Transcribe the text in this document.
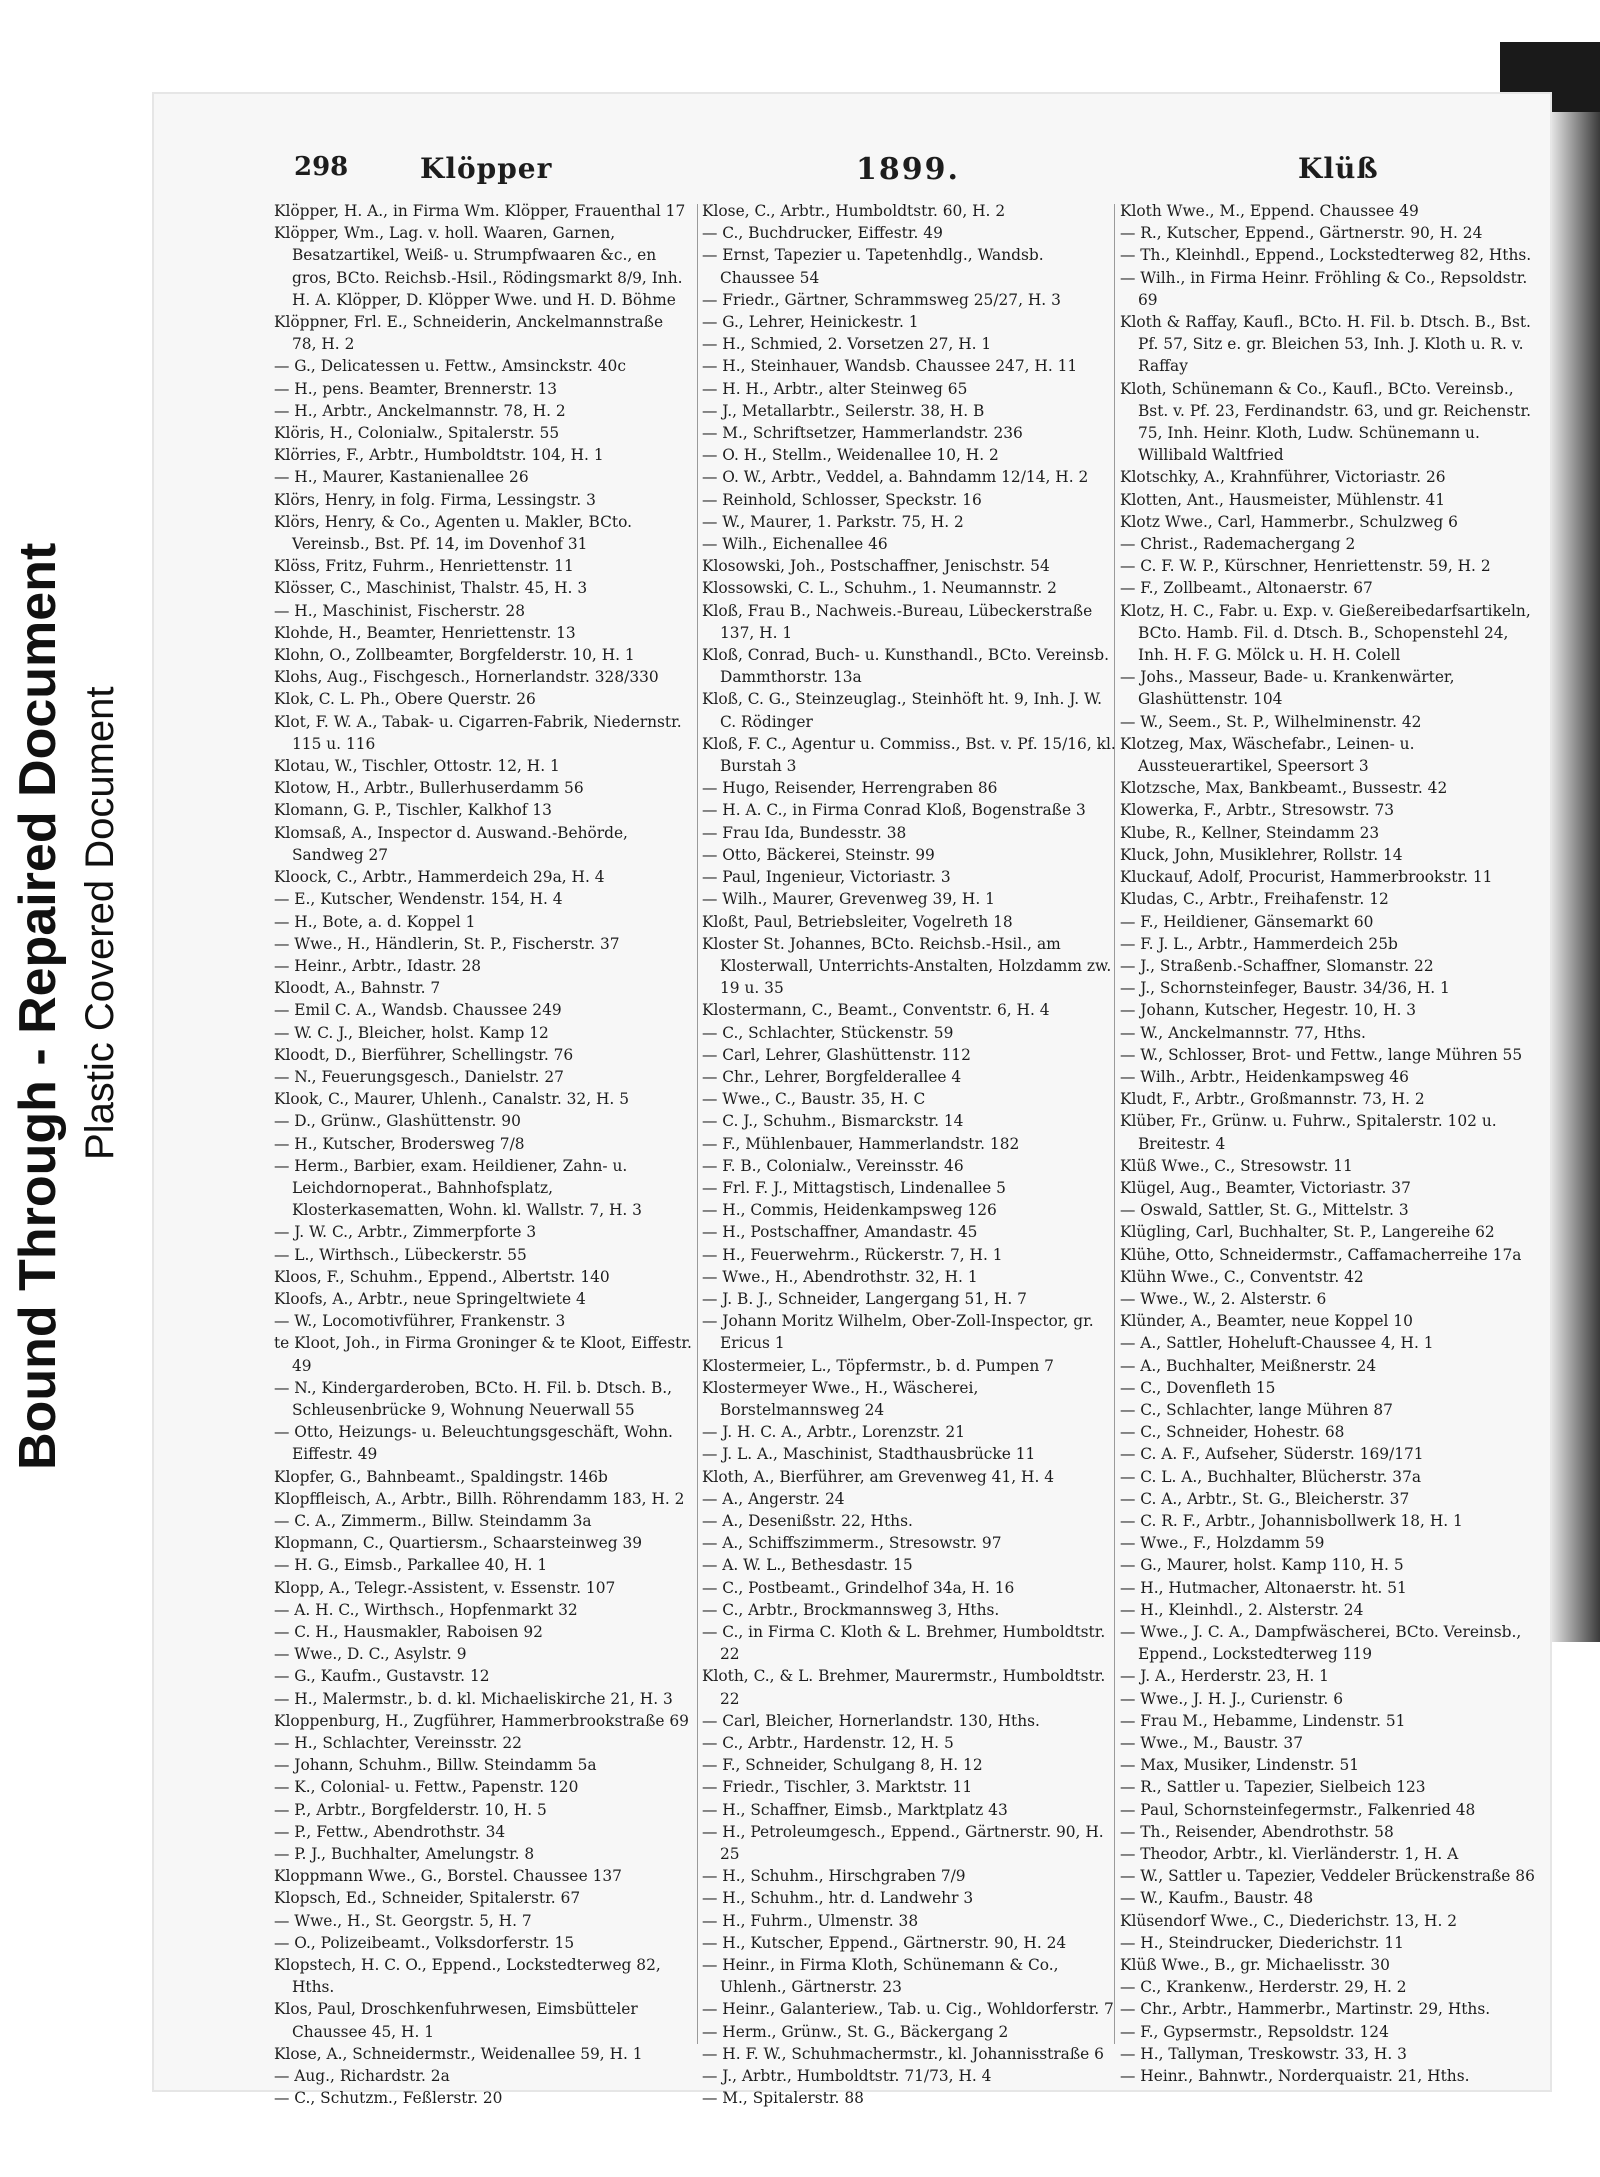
Bound Through - Repaired Document Plastic Covered Document
298	Klöpper	1899.	Klüß

Klöpper, H. A., in Firma Wm. Klöpper, Frauenthal 17

Klöpper, Wm., Lag. v. holl. Waaren, Garnen, Besatzartikel, Weiß- u. Strumpfwaaren &c., en gros, BCto. Reichsb.-Hsil., Rödingsmarkt 8/9, Inh. H. A. Klöpper, D. Klöpper Wwe. und H. D. Böhme

Klöppner, Frl. E., Schneiderin, Anckelmannstraße 78, H. 2

— G., Delicatessen u. Fettw., Amsinckstr. 40c

— H., pens. Beamter, Brennerstr. 13

— H., Arbtr., Anckelmannstr. 78, H. 2

Klöris, H., Colonialw., Spitalerstr. 55

Klörries, F., Arbtr., Humboldtstr. 104, H. 1

— H., Maurer, Kastanienallee 26

Klörs, Henry, in folg. Firma, Lessingstr. 3

Klörs, Henry, & Co., Agenten u. Makler, BCto. Vereinsb., Bst. Pf. 14, im Dovenhof 31

Klöss, Fritz, Fuhrm., Henriettenstr. 11

Klösser, C., Maschinist, Thalstr. 45, H. 3

— H., Maschinist, Fischerstr. 28

Klohde, H., Beamter, Henriettenstr. 13

Klohn, O., Zollbeamter, Borgfelderstr. 10, H. 1

Klohs, Aug., Fischgesch., Hornerlandstr. 328/330

Klok, C. L. Ph., Obere Querstr. 26

Klot, F. W. A., Tabak- u. Cigarren-Fabrik, Niedernstr. 115 u. 116

Klotau, W., Tischler, Ottostr. 12, H. 1

Klotow, H., Arbtr., Bullerhuserdamm 56

Klomann, G. P., Tischler, Kalkhof 13

Klomsaß, A., Inspector d. Auswand.-Behörde, Sandweg 27

Kloock, C., Arbtr., Hammerdeich 29a, H. 4

— E., Kutscher, Wendenstr. 154, H. 4

— H., Bote, a. d. Koppel 1

— Wwe., H., Händlerin, St. P., Fischerstr. 37

— Heinr., Arbtr., Idastr. 28

Kloodt, A., Bahnstr. 7

— Emil C. A., Wandsb. Chaussee 249

— W. C. J., Bleicher, holst. Kamp 12

Kloodt, D., Bierführer, Schellingstr. 76

— N., Feuerungsgesch., Danielstr. 27

Klook, C., Maurer, Uhlenh., Canalstr. 32, H. 5

— D., Grünw., Glashüttenstr. 90

— H., Kutscher, Brodersweg 7/8

— Herm., Barbier, exam. Heildiener, Zahn- u. Leichdornoperat., Bahnhofsplatz, Klosterkasematten, Wohn. kl. Wallstr. 7, H. 3

— J. W. C., Arbtr., Zimmerpforte 3

— L., Wirthsch., Lübeckerstr. 55

Kloos, F., Schuhm., Eppend., Albertstr. 140

Kloofs, A., Arbtr., neue Springeltwiete 4

— W., Locomotivführer, Frankenstr. 3

te Kloot, Joh., in Firma Groninger & te Kloot, Eiffestr. 49

— N., Kindergarderoben, BCto. H. Fil. b. Dtsch. B., Schleusenbrücke 9, Wohnung Neuerwall 55

— Otto, Heizungs- u. Beleuchtungsgeschäft, Wohn. Eiffestr. 49

Klopfer, G., Bahnbeamt., Spaldingstr. 146b

Klopffleisch, A., Arbtr., Billh. Röhrendamm 183, H. 2

— C. A., Zimmerm., Billw. Steindamm 3a

Klopmann, C., Quartiersm., Schaarsteinweg 39

— H. G., Eimsb., Parkallee 40, H. 1

Klopp, A., Telegr.-Assistent, v. Essenstr. 107

— A. H. C., Wirthsch., Hopfenmarkt 32

— C. H., Hausmakler, Raboisen 92

— Wwe., D. C., Asylstr. 9

— G., Kaufm., Gustavstr. 12

— H., Malermstr., b. d. kl. Michaeliskirche 21, H. 3

Kloppenburg, H., Zugführer, Hammerbrookstraße 69

— H., Schlachter, Vereinsstr. 22

— Johann, Schuhm., Billw. Steindamm 5a

— K., Colonial- u. Fettw., Papenstr. 120

— P., Arbtr., Borgfelderstr. 10, H. 5

— P., Fettw., Abendrothstr. 34

— P. J., Buchhalter, Amelungstr. 8

Kloppmann Wwe., G., Borstel. Chaussee 137

Klopsch, Ed., Schneider, Spitalerstr. 67

— Wwe., H., St. Georgstr. 5, H. 7

— O., Polizeibeamt., Volksdorferstr. 15

Klopstech, H. C. O., Eppend., Lockstedterweg 82, Hths.

Klos, Paul, Droschkenfuhrwesen, Eimsbütteler Chaussee 45, H. 1

Klose, A., Schneidermstr., Weidenallee 59, H. 1

— Aug., Richardstr. 2a

— C., Schutzm., Feßlerstr. 20

Klose, C., Arbtr., Humboldtstr. 60, H. 2

— C., Buchdrucker, Eiffestr. 49

— Ernst, Tapezier u. Tapetenhdlg., Wandsb. Chaussee 54

— Friedr., Gärtner, Schrammsweg 25/27, H. 3

— G., Lehrer, Heinickestr. 1

— H., Schmied, 2. Vorsetzen 27, H. 1

— H., Steinhauer, Wandsb. Chaussee 247, H. 11

— H. H., Arbtr., alter Steinweg 65

— J., Metallarbtr., Seilerstr. 38, H. B

— M., Schriftsetzer, Hammerlandstr. 236

— O. H., Stellm., Weidenallee 10, H. 2

— O. W., Arbtr., Veddel, a. Bahndamm 12/14, H. 2

— Reinhold, Schlosser, Speckstr. 16

— W., Maurer, 1. Parkstr. 75, H. 2

— Wilh., Eichenallee 46

Klosowski, Joh., Postschaffner, Jenischstr. 54

Klossowski, C. L., Schuhm., 1. Neumannstr. 2

Kloß, Frau B., Nachweis.-Bureau, Lübeckerstraße 137, H. 1

Kloß, Conrad, Buch- u. Kunsthandl., BCto. Vereinsb. Dammthorstr. 13a

Kloß, C. G., Steinzeuglag., Steinhöft ht. 9, Inh. J. W. C. Rödinger

Kloß, F. C., Agentur u. Commiss., Bst. v. Pf. 15/16, kl. Burstah 3

— Hugo, Reisender, Herrengraben 86

— H. A. C., in Firma Conrad Kloß, Bogenstraße 3

— Frau Ida, Bundesstr. 38

— Otto, Bäckerei, Steinstr. 99

— Paul, Ingenieur, Victoriastr. 3

— Wilh., Maurer, Grevenweg 39, H. 1

Kloßt, Paul, Betriebsleiter, Vogelreth 18

Kloster St. Johannes, BCto. Reichsb.-Hsil., am Klosterwall, Unterrichts-Anstalten, Holzdamm zw. 19 u. 35

Klostermann, C., Beamt., Conventstr. 6, H. 4

— C., Schlachter, Stückenstr. 59

— Carl, Lehrer, Glashüttenstr. 112

— Chr., Lehrer, Borgfelderallee 4

— Wwe., C., Baustr. 35, H. C

— C. J., Schuhm., Bismarckstr. 14

— F., Mühlenbauer, Hammerlandstr. 182

— F. B., Colonialw., Vereinsstr. 46

— Frl. F. J., Mittagstisch, Lindenallee 5

— H., Commis, Heidenkampsweg 126

— H., Postschaffner, Amandastr. 45

— H., Feuerwehrm., Rückerstr. 7, H. 1

— Wwe., H., Abendrothstr. 32, H. 1

— J. B. J., Schneider, Langergang 51, H. 7

— Johann Moritz Wilhelm, Ober-Zoll-Inspector, gr. Ericus 1

Klostermeier, L., Töpfermstr., b. d. Pumpen 7

Klostermeyer Wwe., H., Wäscherei, Borstelmannsweg 24

— J. H. C. A., Arbtr., Lorenzstr. 21

— J. L. A., Maschinist, Stadthausbrücke 11

Kloth, A., Bierführer, am Grevenweg 41, H. 4

— A., Angerstr. 24

— A., Desenißstr. 22, Hths.

— A., Schiffszimmerm., Stresowstr. 97

— A. W. L., Bethesdastr. 15

— C., Postbeamt., Grindelhof 34a, H. 16

— C., Arbtr., Brockmannsweg 3, Hths.

— C., in Firma C. Kloth & L. Brehmer, Humboldtstr. 22

Kloth, C., & L. Brehmer, Maurermstr., Humboldtstr. 22

— Carl, Bleicher, Hornerlandstr. 130, Hths.

— C., Arbtr., Hardenstr. 12, H. 5

— F., Schneider, Schulgang 8, H. 12

— Friedr., Tischler, 3. Marktstr. 11

— H., Schaffner, Eimsb., Marktplatz 43

— H., Petroleumgesch., Eppend., Gärtnerstr. 90, H. 25

— H., Schuhm., Hirschgraben 7/9

— H., Schuhm., htr. d. Landwehr 3

— H., Fuhrm., Ulmenstr. 38

— H., Kutscher, Eppend., Gärtnerstr. 90, H. 24

— Heinr., in Firma Kloth, Schünemann & Co., Uhlenh., Gärtnerstr. 23

— Heinr., Galanteriew., Tab. u. Cig., Wohldorferstr. 7

— Herm., Grünw., St. G., Bäckergang 2

— H. F. W., Schuhmachermstr., kl. Johannisstraße 6

— J., Arbtr., Humboldtstr. 71/73, H. 4

— M., Spitalerstr. 88

Kloth Wwe., M., Eppend. Chaussee 49

— R., Kutscher, Eppend., Gärtnerstr. 90, H. 24

— Th., Kleinhdl., Eppend., Lockstedterweg 82, Hths.

— Wilh., in Firma Heinr. Fröhling & Co., Repsoldstr. 69

Kloth & Raffay, Kaufl., BCto. H. Fil. b. Dtsch. B., Bst. Pf. 57, Sitz e. gr. Bleichen 53, Inh. J. Kloth u. R. v. Raffay

Kloth, Schünemann & Co., Kaufl., BCto. Vereinsb., Bst. v. Pf. 23, Ferdinandstr. 63, und gr. Reichenstr. 75, Inh. Heinr. Kloth, Ludw. Schünemann u. Willibald Waltfried

Klotschky, A., Krahnführer, Victoriastr. 26

Klotten, Ant., Hausmeister, Mühlenstr. 41

Klotz Wwe., Carl, Hammerbr., Schulzweg 6

— Christ., Rademachergang 2

— C. F. W. P., Kürschner, Henriettenstr. 59, H. 2

— F., Zollbeamt., Altonaerstr. 67

Klotz, H. C., Fabr. u. Exp. v. Gießereibedarfsartikeln, BCto. Hamb. Fil. d. Dtsch. B., Schopenstehl 24, Inh. H. F. G. Mölck u. H. H. Colell

— Johs., Masseur, Bade- u. Krankenwärter, Glashüttenstr. 104

— W., Seem., St. P., Wilhelminenstr. 42

Klotzeg, Max, Wäschefabr., Leinen- u. Aussteuerartikel, Speersort 3

Klotzsche, Max, Bankbeamt., Bussestr. 42

Klowerka, F., Arbtr., Stresowstr. 73

Klube, R., Kellner, Steindamm 23

Kluck, John, Musiklehrer, Rollstr. 14

Kluckauf, Adolf, Procurist, Hammerbrookstr. 11

Kludas, C., Arbtr., Freihafenstr. 12

— F., Heildiener, Gänsemarkt 60

— F. J. L., Arbtr., Hammerdeich 25b

— J., Straßenb.-Schaffner, Slomanstr. 22

— J., Schornsteinfeger, Baustr. 34/36, H. 1

— Johann, Kutscher, Hegestr. 10, H. 3

— W., Anckelmannstr. 77, Hths.

— W., Schlosser, Brot- und Fettw., lange Mühren 55

— Wilh., Arbtr., Heidenkampsweg 46

Kludt, F., Arbtr., Großmannstr. 73, H. 2

Klüber, Fr., Grünw. u. Fuhrw., Spitalerstr. 102 u. Breitestr. 4

Klüß Wwe., C., Stresowstr. 11

Klügel, Aug., Beamter, Victoriastr. 37

— Oswald, Sattler, St. G., Mittelstr. 3

Klügling, Carl, Buchhalter, St. P., Langereihe 62

Klühe, Otto, Schneidermstr., Caffamacherreihe 17a

Klühn Wwe., C., Conventstr. 42

— Wwe., W., 2. Alsterstr. 6

Klünder, A., Beamter, neue Koppel 10

— A., Sattler, Hoheluft-Chaussee 4, H. 1

— A., Buchhalter, Meißnerstr. 24

— C., Dovenfleth 15

— C., Schlachter, lange Mühren 87

— C., Schneider, Hohestr. 68

— C. A. F., Aufseher, Süderstr. 169/171

— C. L. A., Buchhalter, Blücherstr. 37a

— C. A., Arbtr., St. G., Bleicherstr. 37

— C. R. F., Arbtr., Johannisbollwerk 18, H. 1

— Wwe., F., Holzdamm 59

— G., Maurer, holst. Kamp 110, H. 5

— H., Hutmacher, Altonaerstr. ht. 51

— H., Kleinhdl., 2. Alsterstr. 24

— Wwe., J. C. A., Dampfwäscherei, BCto. Vereinsb., Eppend., Lockstedterweg 119

— J. A., Herderstr. 23, H. 1

— Wwe., J. H. J., Curienstr. 6

— Frau M., Hebamme, Lindenstr. 51

— Wwe., M., Baustr. 37

— Max, Musiker, Lindenstr. 51

— R., Sattler u. Tapezier, Sielbeich 123

— Paul, Schornsteinfegermstr., Falkenried 48

— Th., Reisender, Abendrothstr. 58

— Theodor, Arbtr., kl. Vierländerstr. 1, H. A

— W., Sattler u. Tapezier, Veddeler Brückenstraße 86

— W., Kaufm., Baustr. 48

Klüsendorf Wwe., C., Diederichstr. 13, H. 2

— H., Steindrucker, Diederichstr. 11

Klüß Wwe., B., gr. Michaelisstr. 30

— C., Krankenw., Herderstr. 29, H. 2

— Chr., Arbtr., Hammerbr., Martinstr. 29, Hths.

— F., Gypsermstr., Repsoldstr. 124

— H., Tallyman, Treskowstr. 33, H. 3

— Heinr., Bahnwtr., Norderquaistr. 21, Hths.
